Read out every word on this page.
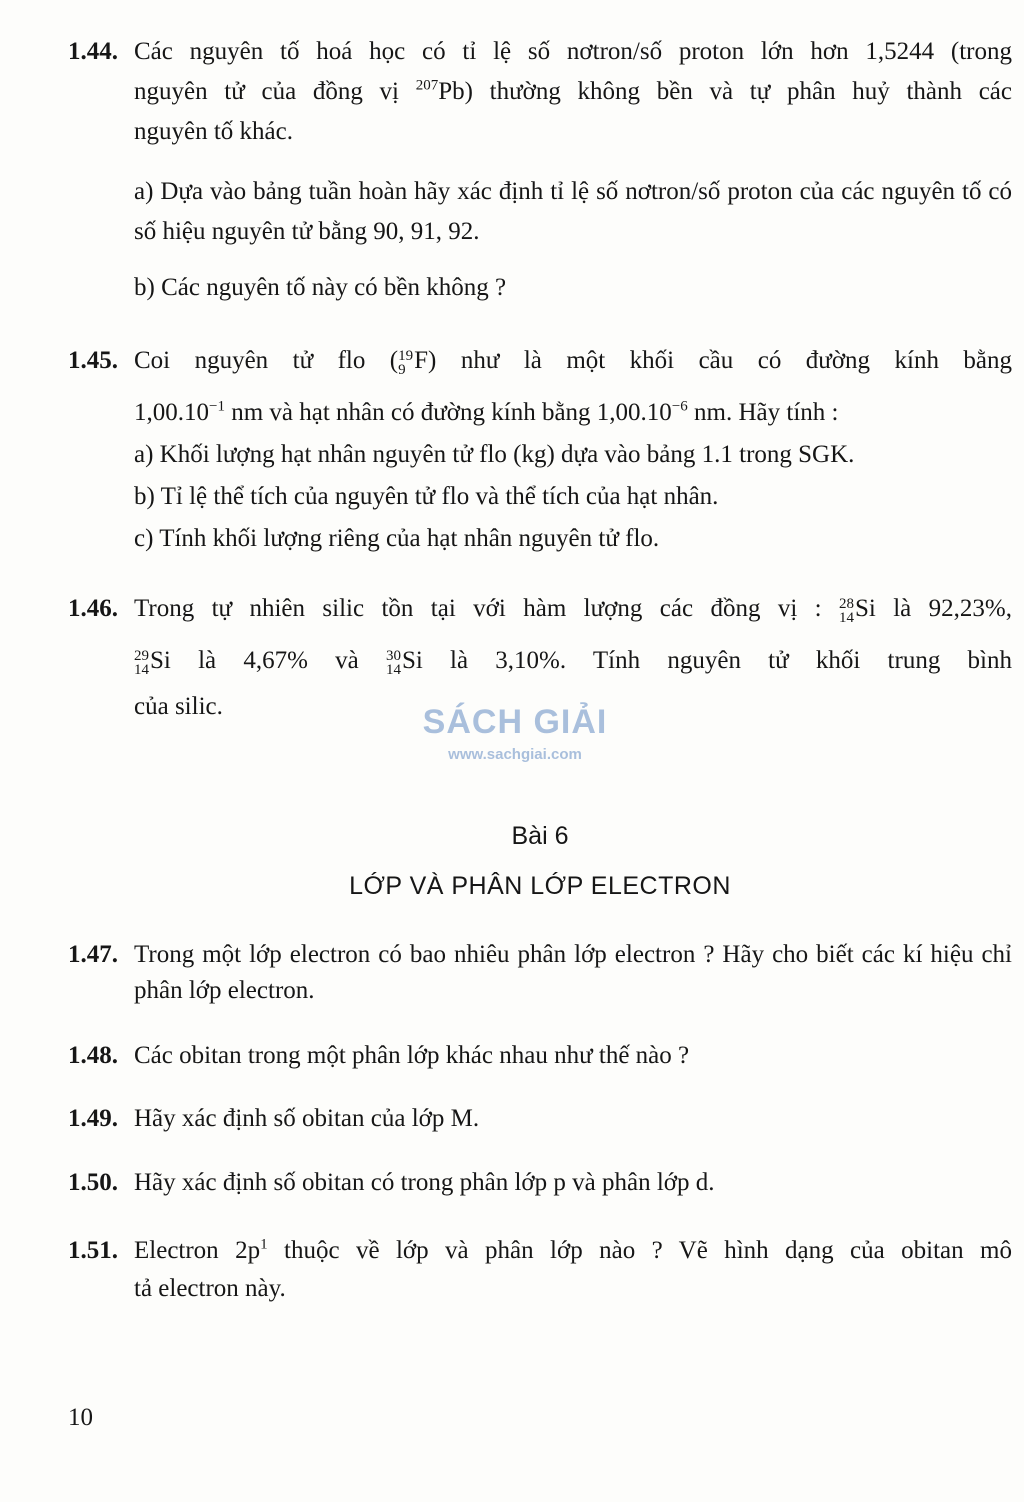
1.44. Các nguyên tố hoá học có tỉ lệ số nơtron/số proton lớn hơn 1,5244 (trong
nguyên tử của đồng vị $^{207}$Pb) thường không bền và tự phân huỷ thành các
nguyên tố khác.
a) Dựa vào bảng tuần hoàn hãy xác định tỉ lệ số nơtron/số proton của các nguyên tố có số hiệu nguyên tử bằng 90, 91, 92.
b) Các nguyên tố này có bền không ?
1.45. Coi nguyên tử flo ( 19
9 F) như là một khối cầu có đường kính bằng
$1,00.10^{-1}$ nm và hạt nhân có đường kính bằng $1,00.10^{-6}$ nm. Hãy tính :
a) Khối lượng hạt nhân nguyên tử flo (kg) dựa vào bảng 1.1 trong SGK.
b) Tỉ lệ thể tích của nguyên tử flo và thể tích của hạt nhân.
c) Tính khối lượng riêng của hạt nhân nguyên tử flo.
1.46. Trong tự nhiên silic tồn tại với hàm lượng các đồng vị : 28
14 Si là 92,23%,
29
14 Si là 4,67% và 30
14 Si là 3,10%. Tính nguyên tử khối trung bình
của silic.	SÁCH GIẢI
www.sachgiai.com
Bài 6
LỚP VÀ PHÂN LỚP ELECTRON
1.47. Trong một lớp electron có bao nhiêu phân lớp electron ? Hãy cho biết các kí hiệu chỉ phân lớp electron.
1.48. Các obitan trong một phân lớp khác nhau như thế nào ?
1.49. Hãy xác định số obitan của lớp M.
1.50. Hãy xác định số obitan có trong phân lớp p và phân lớp d.
1.51. Electron $2p^1$ thuộc về lớp và phân lớp nào ? Vẽ hình dạng của obitan mô
tả electron này.
10
